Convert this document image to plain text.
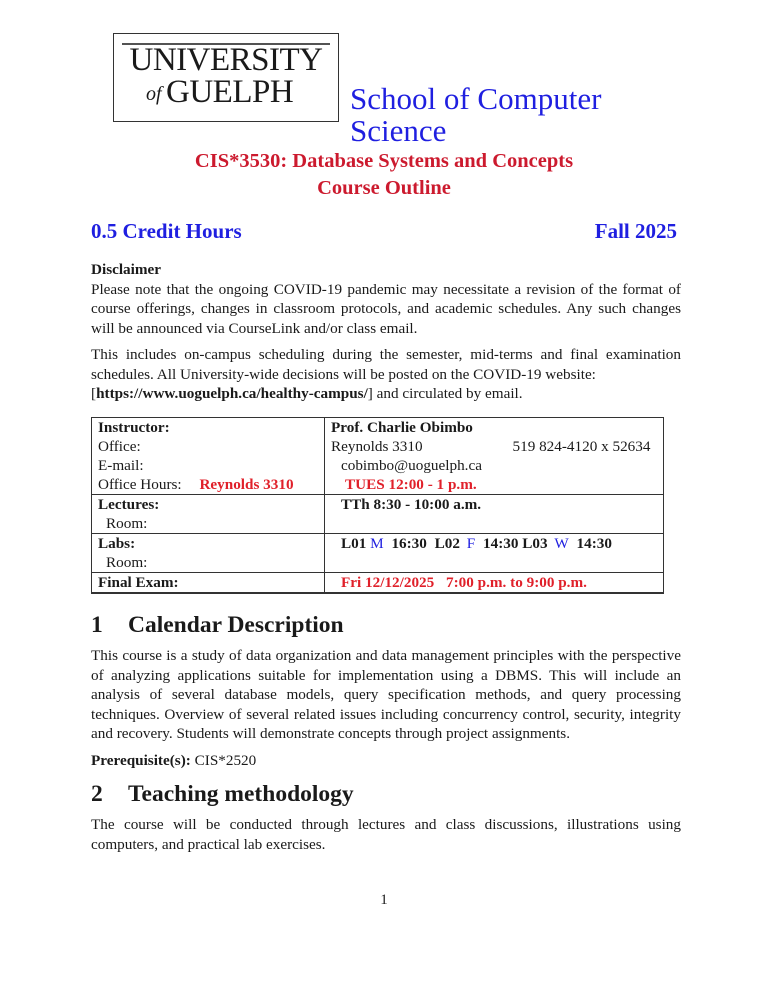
UNIVERSITY
of GUELPH School of Computer
Science
CIS*3530: Database Systems and Concepts
Course Outline
0.5 Credit Hours	Fall 2025
Disclaimer

Please note that the ongoing COVID-19 pandemic may necessitate a revision of the format of course offerings, changes in classroom protocols, and academic schedules. Any such changes will be announced via CourseLink and/or class email.

This includes on-campus scheduling during the semester, mid-terms and final examination schedules. All University-wide decisions will be posted on the COVID-19 website:
[https://www.uoguelph.ca/healthy-campus/] and circulated by email.

Instructor:	Prof. Charlie Obimbo
Office:	Reynolds 3310 519 824-4120 x 52634

E-mail:	cobimbo@uoguelph.ca
Office Hours: Reynolds 3310	TUES 12:00 - 1 p.m.
Lectures:	TTh 8:30 - 10:00 a.m.
Room:	
Labs:	L01 M 16:30 L02 F 14:30 L03 W 14:30
Room:	
Final Exam:	Fri 12/12/2025 7:00 p.m. to 9:00 p.m.
1 Calendar Description

This course is a study of data organization and data management principles with the perspective of analyzing applications suitable for implementation using a DBMS. This will include an analysis of several database models, query specification methods, and query processing techniques. Overview of several related issues including concurrency control, security, integrity and recovery. Students will demonstrate concepts through project assignments.

Prerequisite(s): CIS*2520

2 Teaching methodology

The course will be conducted through lectures and class discussions, illustrations using computers, and practical lab exercises.

1
